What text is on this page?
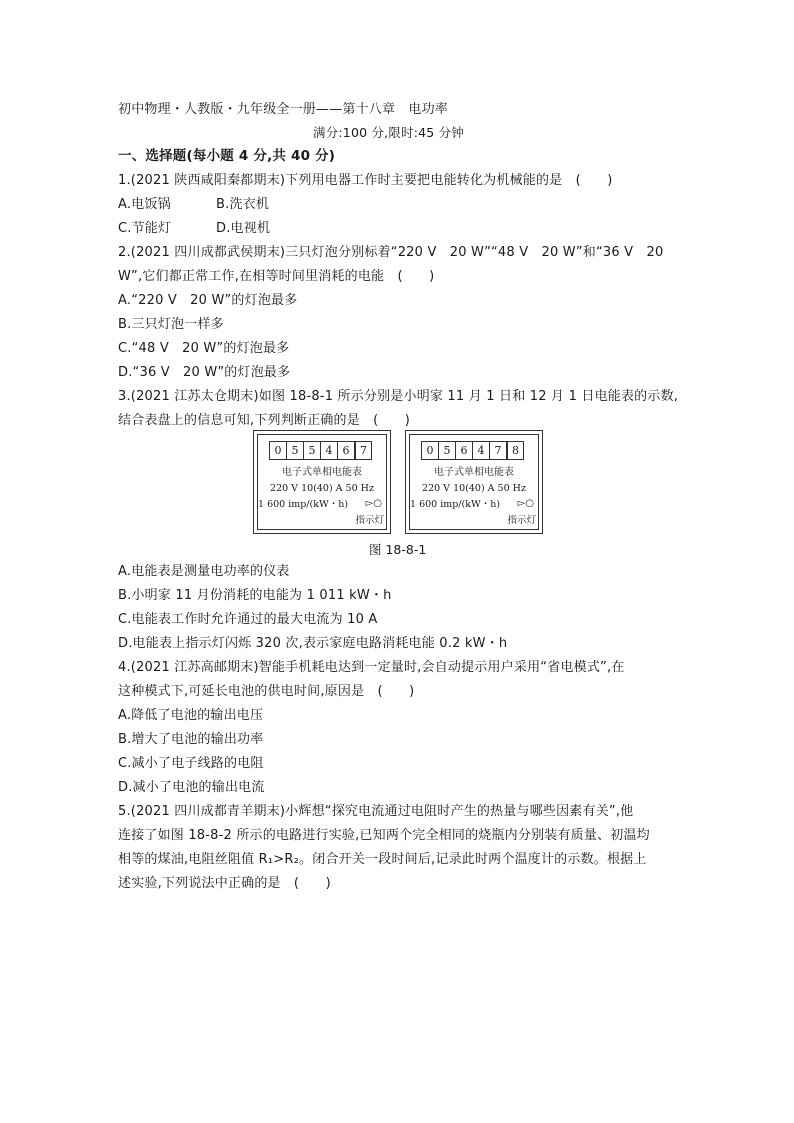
初中物理・人教版・九年级全一册——第十八章　电功率
满分:100 分,限时:45 分钟
一、选择题(每小题 4 分,共 40 分)
1.(2021 陕西咸阳秦都期末)下列用电器工作时主要把电能转化为机械能的是　(　　)
A.电饭锅	B.洗衣机
C.节能灯	D.电视机
2.(2021 四川成都武侯期末)三只灯泡分别标着“220 V　20 W”“48 V　20 W”和“36 V　20
W”,它们都正常工作,在相等时间里消耗的电能　(　　)
A.“220 V　20 W”的灯泡最多
B.三只灯泡一样多
C.“48 V　20 W”的灯泡最多
D.“36 V　20 W”的灯泡最多
3.(2021 江苏太仓期末)如图 18-8-1 所示分别是小明家 11 月 1 日和 12 月 1 日电能表的示数,
结合表盘上的信息可知,下列判断正确的是　(　　)
0 5 5 4 6 7
电子式单相电能表
220 V 10(40) A 50 Hz
1 600 imp/(kW・h)	▻○
指示灯
0 5 6 4 7 8
电子式单相电能表
220 V 10(40) A 50 Hz
1 600 imp/(kW・h)	▻○
指示灯
图 18-8-1
A.电能表是测量电功率的仪表
B.小明家 11 月份消耗的电能为 1 011 kW・h
C.电能表工作时允许通过的最大电流为 10 A
D.电能表上指示灯闪烁 320 次,表示家庭电路消耗电能 0.2 kW・h
4.(2021 江苏高邮期末)智能手机耗电达到一定量时,会自动提示用户采用“省电模式”,在
这种模式下,可延长电池的供电时间,原因是　(　　)
A.降低了电池的输出电压
B.增大了电池的输出功率
C.减小了电子线路的电阻
D.减小了电池的输出电流
5.(2021 四川成都青羊期末)小辉想“探究电流通过电阻时产生的热量与哪些因素有关”,他
连接了如图 18-8-2 所示的电路进行实验,已知两个完全相同的烧瓶内分别装有质量、初温均
相等的煤油,电阻丝阻值 R₁>R₂。闭合开关一段时间后,记录此时两个温度计的示数。根据上
述实验,下列说法中正确的是　(　　)
